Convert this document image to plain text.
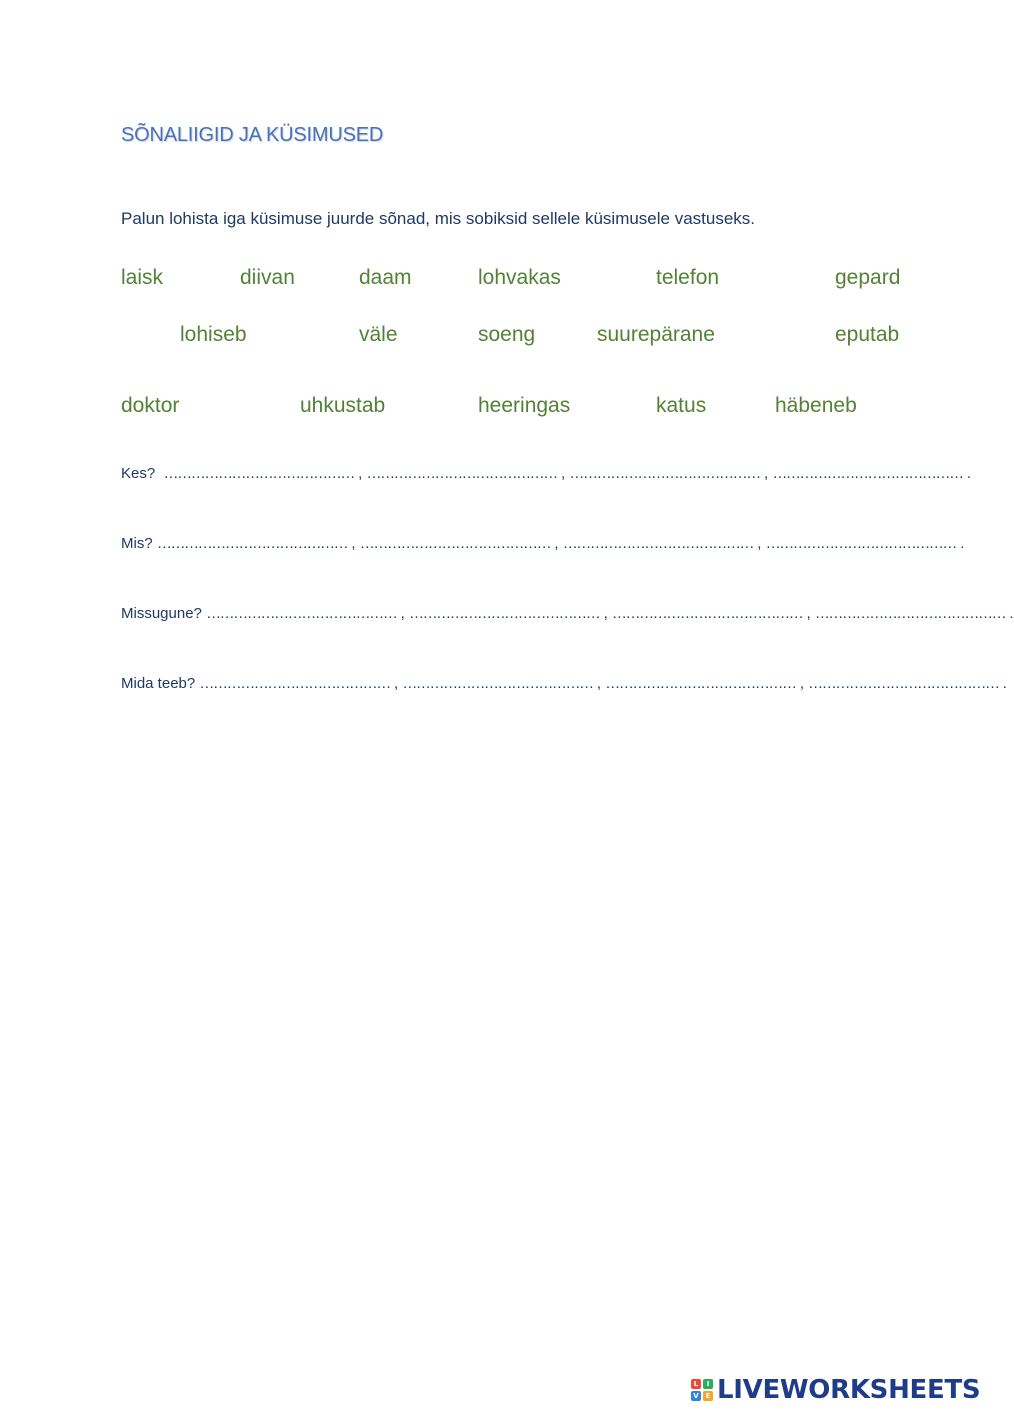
SÕNALIIGID JA KÜSIMUSED
Palun lohista iga küsimuse juurde sõnad, mis sobiksid sellele küsimusele vastuseks.
laisk	diivan	daam	lohvakas	telefon	gepard
lohiseb	väle	soeng	suurepärane	eputab
doktor	uhkustab	heeringas	katus	häbeneb
Kes? …………………………………… , …………………………………… , …………………………………… , …………………………………… .
Mis? …………………………………… , …………………………………… , …………………………………… , …………………………………… .
Missugune? …………………………………… , …………………………………… , …………………………………… , …………………………………… .
Mida teeb? …………………………………… , …………………………………… , …………………………………… , …………………………………… .
L	I
V E LIVEWORKSHEETS
